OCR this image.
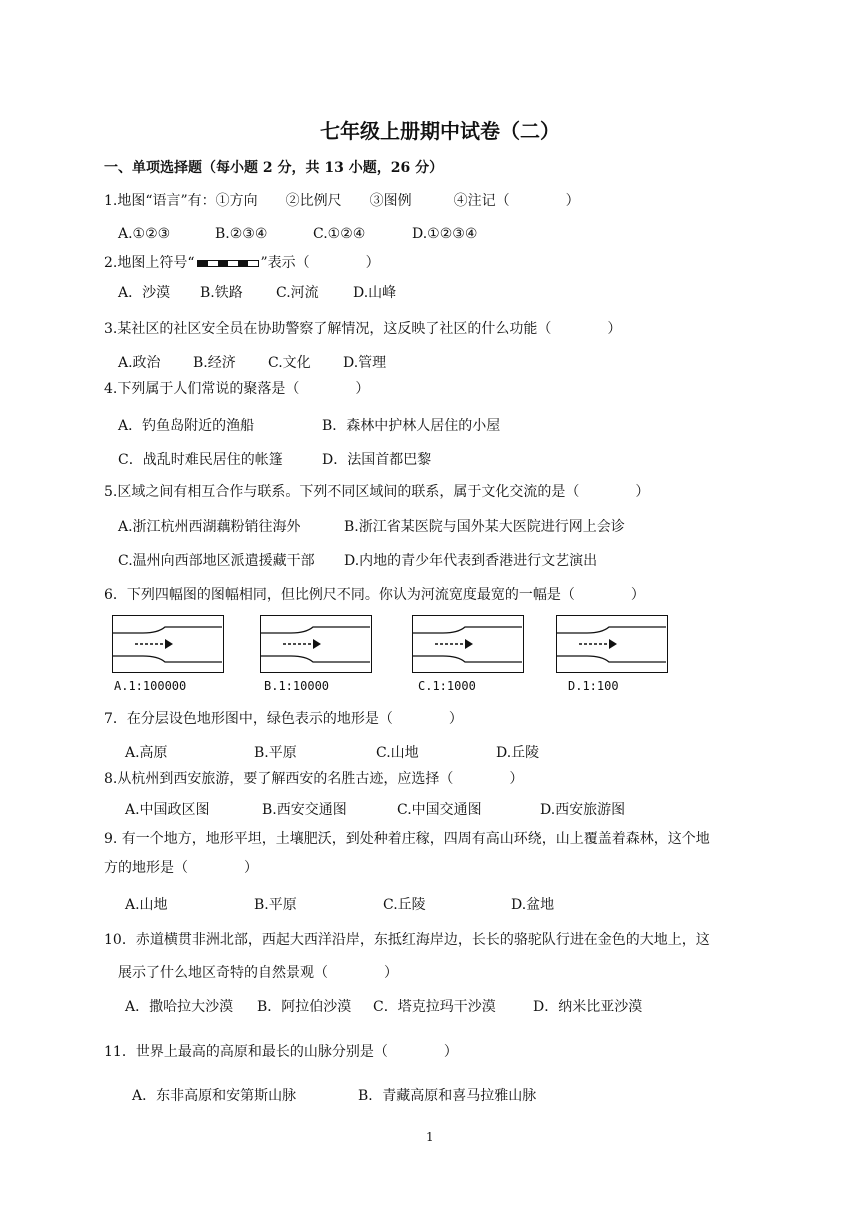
七年级上册期中试卷（二）
一、单项选择题（每小题 2 分，共 13 小题，26 分）
1.地图“语言”有：①方向　　②比例尺　　③图例　　　④注记（　　　　）
A.①②③	B.②③④	C.①②④	D.①②③④
2.地图上符号“	”表示（　　　　）
A．沙漠 B.铁路 C.河流 D.山峰
3.某社区的社区安全员在协助警察了解情况，这反映了社区的什么功能（　　　　）
A.政治 B.经济 C.文化 D.管理
4.下列属于人们常说的聚落是（　　　　）
A．钓鱼岛附近的渔船	B．森林中护林人居住的小屋
C．战乱时难民居住的帐篷	D．法国首都巴黎
5.区域之间有相互合作与联系。下列不同区域间的联系，属于文化交流的是（　　　　）
A.浙江杭州西湖藕粉销往海外	B.浙江省某医院与国外某大医院进行网上会诊
C.温州向西部地区派遣援藏干部 D.内地的青少年代表到香港进行文艺演出
6．下列四幅图的图幅相同，但比例尺不同。你认为河流宽度最宽的一幅是（　　　　）
A.1:100000	B.1:10000	C.1:1000	D.1:100
7．在分层设色地形图中，绿色表示的地形是（　　　　）
A.高原	B.平原	C.山地	D.丘陵
8.从杭州到西安旅游，要了解西安的名胜古迹，应选择（　　　　）
A.中国政区图	B.西安交通图	C.中国交通图	D.西安旅游图
9. 有一个地方，地形平坦，土壤肥沃，到处种着庄稼，四周有高山环绕，山上覆盖着森林，这个地
方的地形是（　　　　）
A.山地	B.平原	C.丘陵	D.盆地
10．赤道横贯非洲北部，西起大西洋沿岸，东抵红海岸边，长长的骆驼队行进在金色的大地上，这
展示了什么地区奇特的自然景观（　　　　）
A．撒哈拉大沙漠 B．阿拉伯沙漠 C．塔克拉玛干沙漠	D．纳米比亚沙漠
11．世界上最高的高原和最长的山脉分别是（　　　　）
A．东非高原和安第斯山脉	B．青藏高原和喜马拉雅山脉
1
